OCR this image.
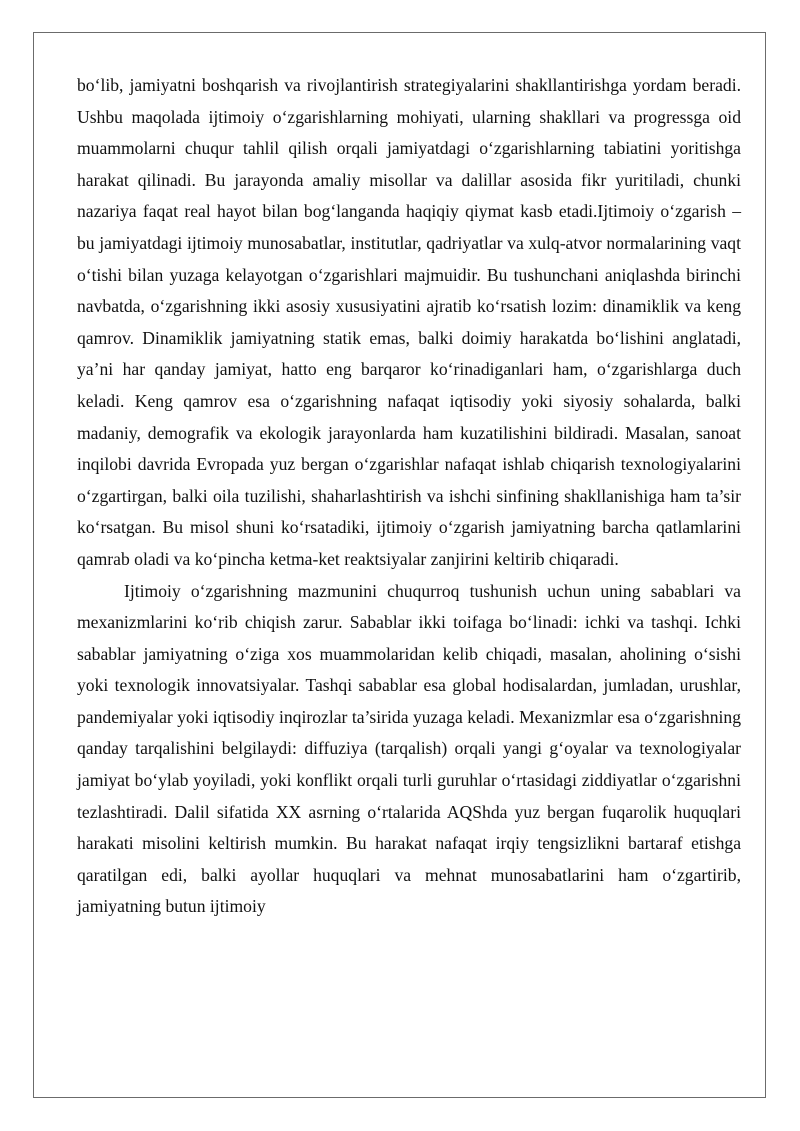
bo‘lib, jamiyatni boshqarish va rivojlantirish strategiyalarini shakllantirishga yordam beradi. Ushbu maqolada ijtimoiy o‘zgarishlarning mohiyati, ularning shakllari va progressga oid muammolarni chuqur tahlil qilish orqali jamiyatdagi o‘zgarishlarning tabiatini yoritishga harakat qilinadi. Bu jarayonda amaliy misollar va dalillar asosida fikr yuritiladi, chunki nazariya faqat real hayot bilan bog‘langanda haqiqiy qiymat kasb etadi.Ijtimoiy o‘zgarish – bu jamiyatdagi ijtimoiy munosabatlar, institutlar, qadriyatlar va xulq-atvor normalarining vaqt o‘tishi bilan yuzaga kelayotgan o‘zgarishlari majmuidir. Bu tushunchani aniqlashda birinchi navbatda, o‘zgarishning ikki asosiy xususiyatini ajratib ko‘rsatish lozim: dinamiklik va keng qamrov. Dinamiklik jamiyatning statik emas, balki doimiy harakatda bo‘lishini anglatadi, ya’ni har qanday jamiyat, hatto eng barqaror ko‘rinadiganlari ham, o‘zgarishlarga duch keladi. Keng qamrov esa o‘zgarishning nafaqat iqtisodiy yoki siyosiy sohalarda, balki madaniy, demografik va ekologik jarayonlarda ham kuzatilishini bildiradi. Masalan, sanoat inqilobi davrida Evropada yuz bergan o‘zgarishlar nafaqat ishlab chiqarish texnologiyalarini o‘zgartirgan, balki oila tuzilishi, shaharlashtirish va ishchi sinfining shakllanishiga ham ta’sir ko‘rsatgan. Bu misol shuni ko‘rsatadiki, ijtimoiy o‘zgarish jamiyatning barcha qatlamlarini qamrab oladi va ko‘pincha ketma-ket reaktsiyalar zanjirini keltirib chiqaradi.

Ijtimoiy o‘zgarishning mazmunini chuqurroq tushunish uchun uning sabablari va mexanizmlarini ko‘rib chiqish zarur. Sabablar ikki toifaga bo‘linadi: ichki va tashqi. Ichki sabablar jamiyatning o‘ziga xos muammolaridan kelib chiqadi, masalan, aholining o‘sishi yoki texnologik innovatsiyalar. Tashqi sabablar esa global hodisalardan, jumladan, urushlar, pandemiyalar yoki iqtisodiy inqirozlar ta’sirida yuzaga keladi. Mexanizmlar esa o‘zgarishning qanday tarqalishini belgilaydi: diffuziya (tarqalish) orqali yangi g‘oyalar va texnologiyalar jamiyat bo‘ylab yoyiladi, yoki konflikt orqali turli guruhlar o‘rtasidagi ziddiyatlar o‘zgarishni tezlashtiradi. Dalil sifatida XX asrning o‘rtalarida AQShda yuz bergan fuqarolik huquqlari harakati misolini keltirish mumkin. Bu harakat nafaqat irqiy tengsizlikni bartaraf etishga qaratilgan edi, balki ayollar huquqlari va mehnat munosabatlarini ham o‘zgartirib, jamiyatning butun ijtimoiy
